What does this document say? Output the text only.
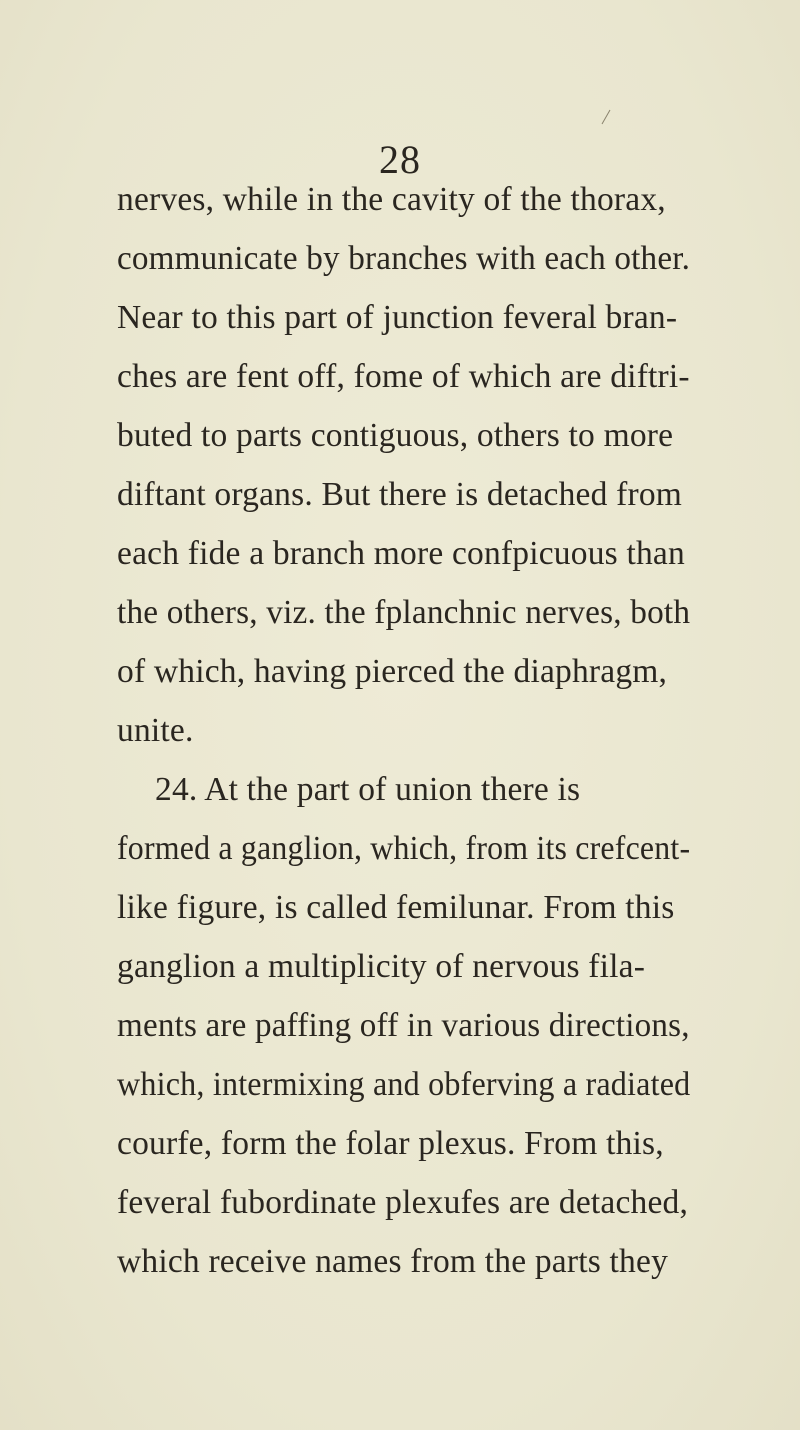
28
nerves, while in the cavity of the thorax,
communicate by branches with each other.
Near to this part of junction feveral bran-
ches are fent off, fome of which are diftri-
buted to parts contiguous, others to more
diftant organs. But there is detached from
each fide a branch more confpicuous than
the others, viz. the fplanchnic nerves, both
of which, having pierced the diaphragm,
unite.
24. At the part of union there is
formed a ganglion, which, from its crefcent-
like figure, is called femilunar. From this
ganglion a multiplicity of nervous fila-
ments are paffing off in various directions,
which, intermixing and obferving a radiated
courfe, form the folar plexus. From this,
feveral fubordinate plexufes are detached,
which receive names from the parts they
